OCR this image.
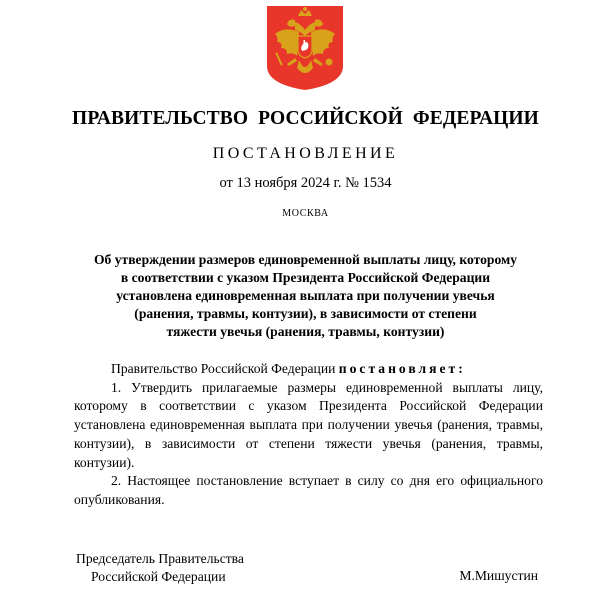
ПРАВИТЕЛЬСТВО РОССИЙСКОЙ ФЕДЕРАЦИИ
ПОСТАНОВЛЕНИЕ
от 13 ноября 2024 г. № 1534
МОСКВА
Об утверждении размеров единовременной выплаты лицу, которому
в соответствии с указом Президента Российской Федерации
установлена единовременная выплата при получении увечья
(ранения, травмы, контузии), в зависимости от степени
тяжести увечья (ранения, травмы, контузии)

Правительство Российской Федерации постановляет:

1. Утвердить прилагаемые размеры единовременной выплаты лицу, которому в соответствии с указом Президента Российской Федерации установлена единовременная выплата при получении увечья (ранения, травмы, контузии), в зависимости от степени тяжести увечья (ранения, травмы, контузии).

2. Настоящее постановление вступает в силу со дня его официального опубликования.

Председатель Правительства
Российской Федерации	М.Мишустин
